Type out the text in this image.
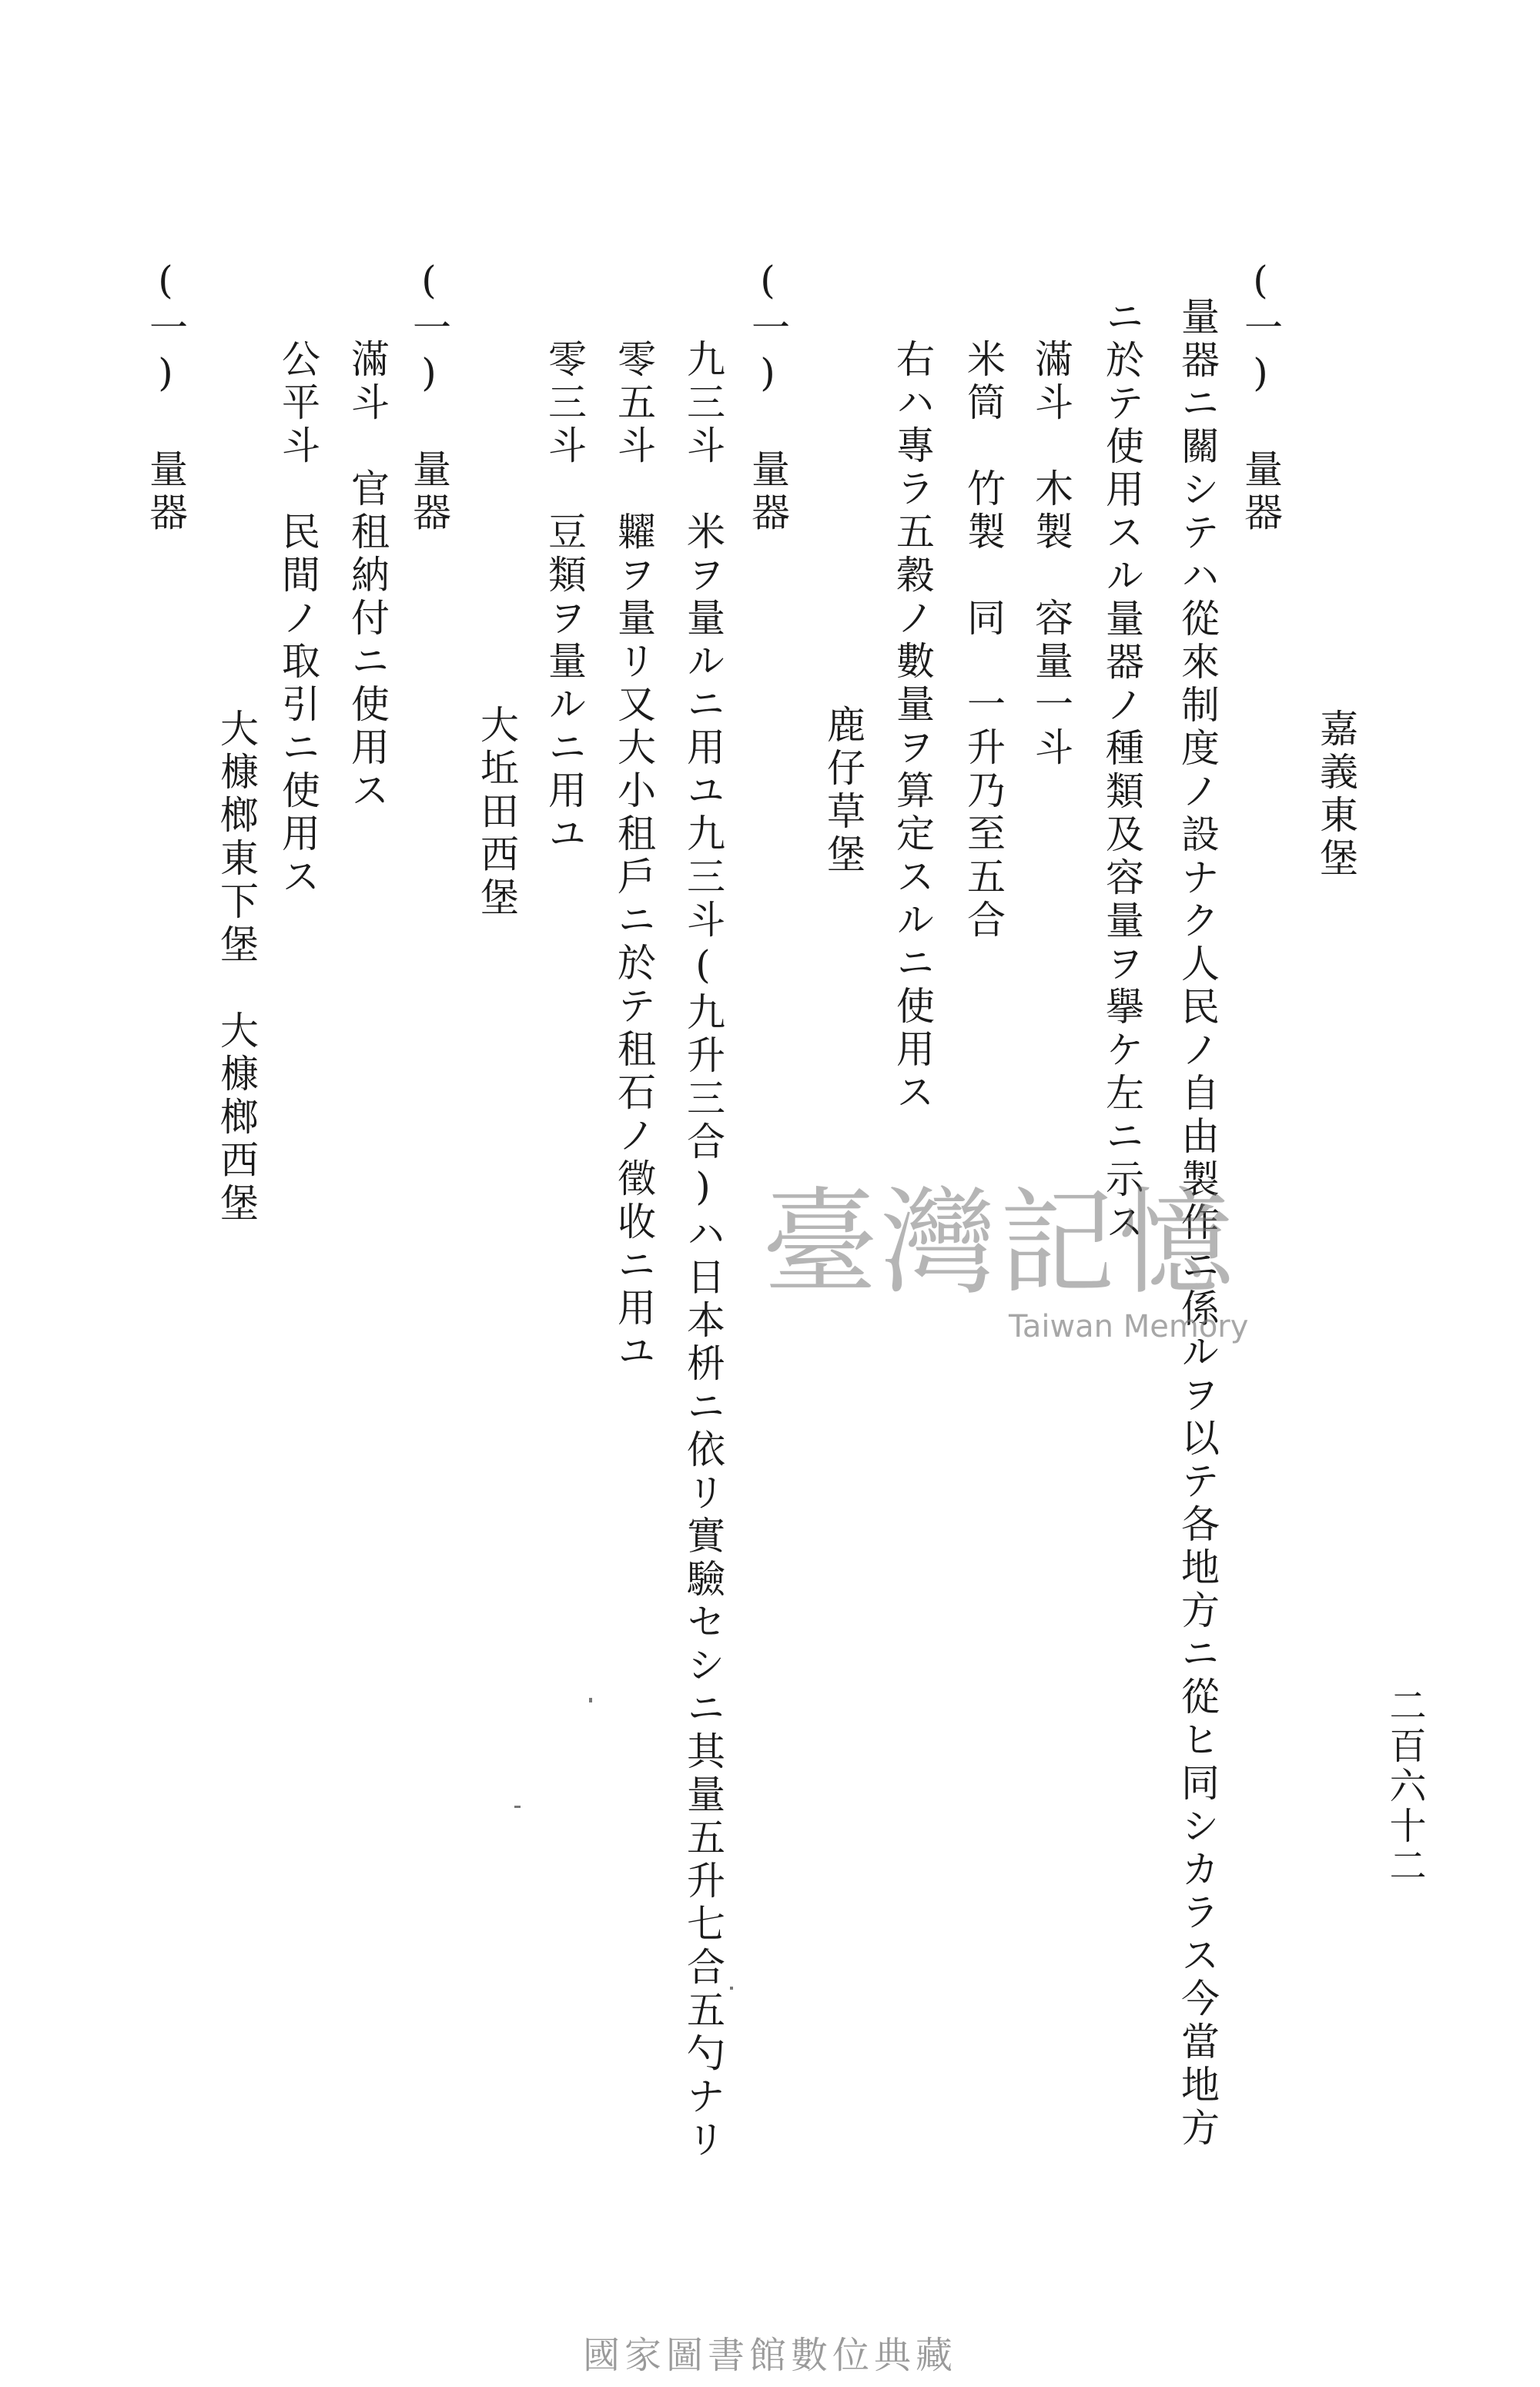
二百六十二
嘉義東堡
(一) 量器
量器ニ關シテハ從來制度ノ設ナク人民ノ自由製作ニ係ルヲ以テ各地方ニ從ヒ同シカラス今當地方
ニ於テ使用スル量器ノ種類及容量ヲ擧ケ左ニ示ス
滿斗　木製　容量一斗
米筒　竹製　同　一升乃至五合
右ハ專ラ五穀ノ數量ヲ算定スルニ使用ス
鹿仔草堡
(一) 量器
九三斗　米ヲ量ルニ用ユ九三斗(九升三合)ハ日本枡ニ依リ實驗セシニ其量五升七合五勺ナリ
零五斗　糶ヲ量リ又大小租戶ニ於テ租石ノ徵收ニ用ユ
零三斗　豆類ヲ量ルニ用ユ
大坵田西堡
(一) 量器
滿斗　官租納付ニ使用ス
公平斗　民間ノ取引ニ使用ス
大槺榔東下堡　大槺榔西堡
(一) 量器
臺灣記憶
Taiwan Memory
國家圖書館數位典藏
